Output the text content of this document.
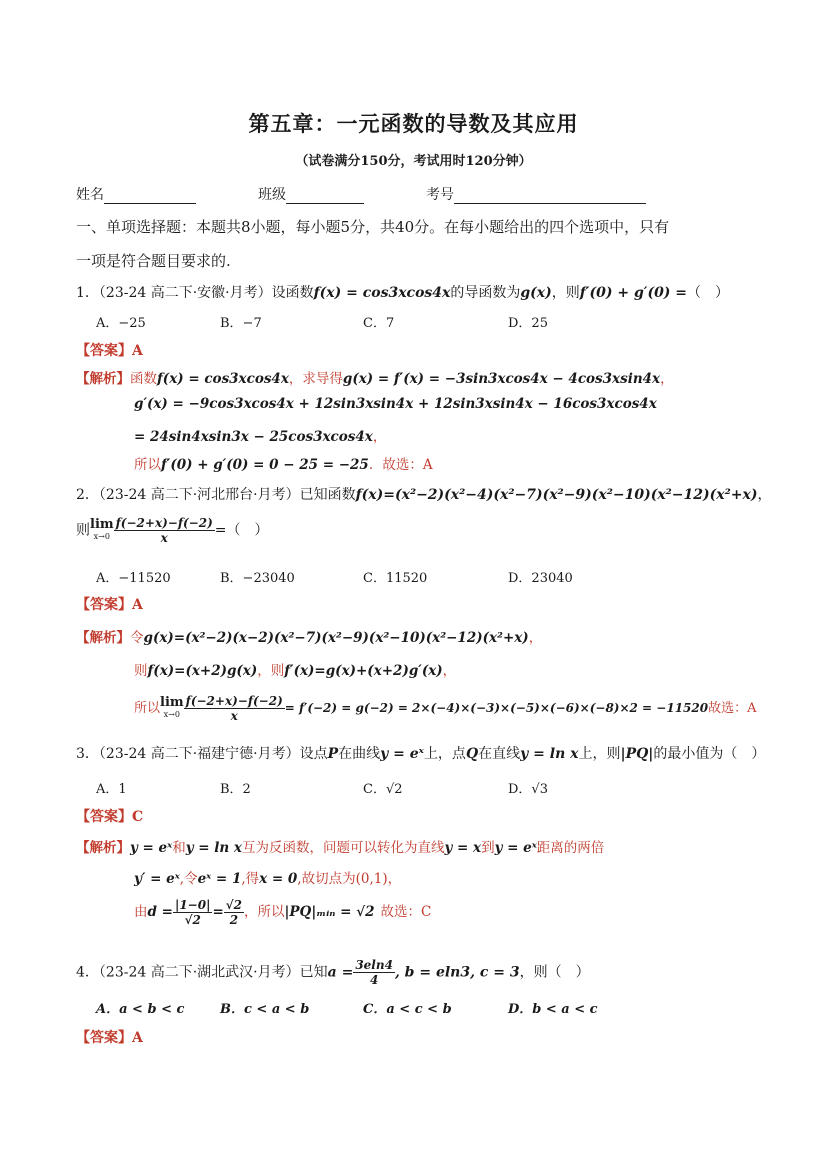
第五章：一元函数的导数及其应用
（试卷满分150分，考试用时120分钟）
姓名	班级	考号
一、单项选择题：本题共8小题，每小题5分，共40分。在每小题给出的四个选项中，只有
一项是符合题目要求的.
1．（23-24 高二下·安徽·月考）设函数f(x) = cos3xcos4x的导函数为g(x)，则f′(0) + g′(0) =（　）
A．−25	B．−7	C．7	D．25
【答案】A
【解析】函数f(x) = cos3xcos4x，求导得g(x) = f′(x) = −3sin3xcos4x − 4cos3xsin4x，
g′(x) = −9cos3xcos4x + 12sin3xsin4x + 12sin3xsin4x − 16cos3xcos4x
= 24sin4xsin3x − 25cos3xcos4x，
所以f′(0) + g′(0) = 0 − 25 = −25．故选：A
2．（23-24 高二下·河北邢台·月考）已知函数f(x)=(x²−2)(x²−4)(x²−7)(x²−9)(x²−10)(x²−12)(x²+x)，
则 lim
$x\to 0 \frac{f(-2+x)-f(-2)}{x}$ =（　）
A．−11520	B．−23040	C．11520	D．23040
【答案】A
【解析】令g(x)=(x²−2)(x−2)(x²−7)(x²−9)(x²−10)(x²−12)(x²+x)，
则f(x)=(x+2)g(x)，则f′(x)=g(x)+(x+2)g′(x)，
所以 lim
$x\to 0 \frac{f(-2+x)-f(-2)}{x} = f'(-2) = g(-2) = 2\times(-4)\times(-3)\times(-5)\times(-6)\times(-8)\times 2 = -11520$故选：A
3．（23-24 高二下·福建宁德·月考）设点P在曲线y = eˣ上，点Q在直线y = ln x上，则|PQ|的最小值为（　）
A．1	B．2	C．√2	D．√3
【答案】C
【解析】y = eˣ和y = ln x互为反函数，问题可以转化为直线y = x到y = eˣ距离的两倍
y′ = eˣ,令eˣ = 1,得x = 0,故切点为(0,1)，
由$d = \frac{|1-0|}{√2} = \frac{√2}{2}$ ，所以|PQ|ₘᵢₙ = √2 故选：C
4．（23-24 高二下·湖北武汉·月考）已知$a = \frac{3eln4}{4}$ , b = eln3, c = 3，则（　）
A．a < b < c	B．c < a < b	C．a < c < b	D．b < a < c
【答案】A
